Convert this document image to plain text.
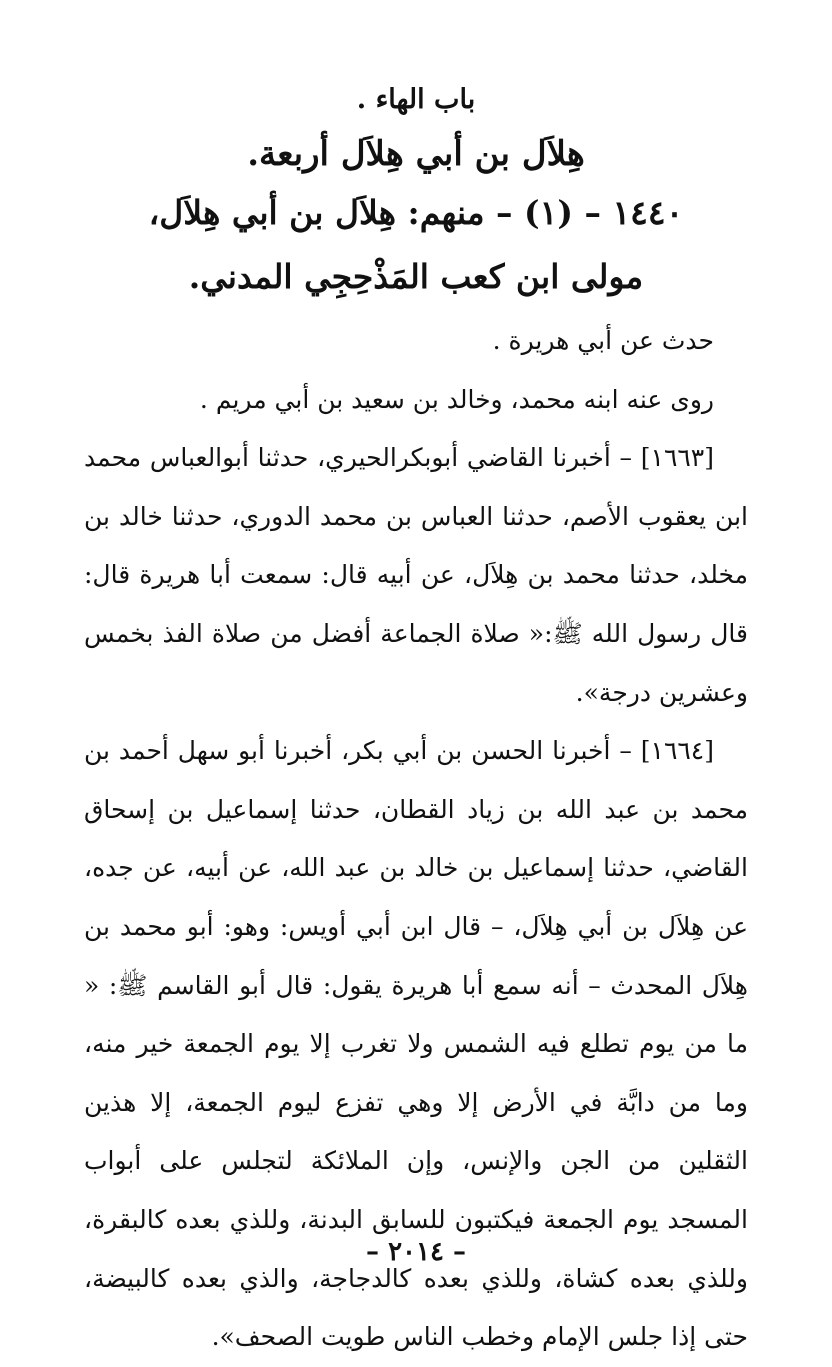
باب الهاء .
هِلاَل بن أبي هِلاَل أربعة.
١٤٤٠ – (١) – منهم: هِلاَل بن أبي هِلاَل،
مولى ابن كعب المَذْحِجِي المدني.

حدث عن أبي هريرة .

روى عنه ابنه محمد، وخالد بن سعيد بن أبي مريم .

[١٦٦٣] – أخبرنا القاضي أبوبكرالحيري، حدثنا أبوالعباس محمد ابن يعقوب الأصم، حدثنا العباس بن محمد الدوري، حدثنا خالد بن مخلد، حدثنا محمد بن هِلاَل، عن أبيه قال: سمعت أبا هريرة قال: قال رسول الله ﷺ:« صلاة الجماعة أفضل من صلاة الفذ بخمس وعشرين درجة».

[١٦٦٤] – أخبرنا الحسن بن أبي بكر، أخبرنا أبو سهل أحمد بن محمد بن عبد الله بن زياد القطان، حدثنا إسماعيل بن إسحاق القاضي، حدثنا إسماعيل بن خالد بن عبد الله، عن أبيه، عن جده، عن هِلاَل بن أبي هِلاَل، – قال ابن أبي أويس: وهو: أبو محمد بن هِلاَل المحدث – أنه سمع أبا هريرة يقول: قال أبو القاسم ﷺ: « ما من يوم تطلع فيه الشمس ولا تغرب إلا يوم الجمعة خير منه، وما من دابَّة في الأرض إلا وهي تفزع ليوم الجمعة، إلا هذين الثقلين من الجن والإنس، وإن الملائكة لتجلس على أبواب المسجد يوم الجمعة فيكتبون للسابق البدنة، وللذي بعده كالبقرة، وللذي بعده كشاة، وللذي بعده كالدجاجة، والذي بعده كالبيضة، حتى إذا جلس الإمام وخطب الناس طويت الصحف».

– ٢٠١٤ –
